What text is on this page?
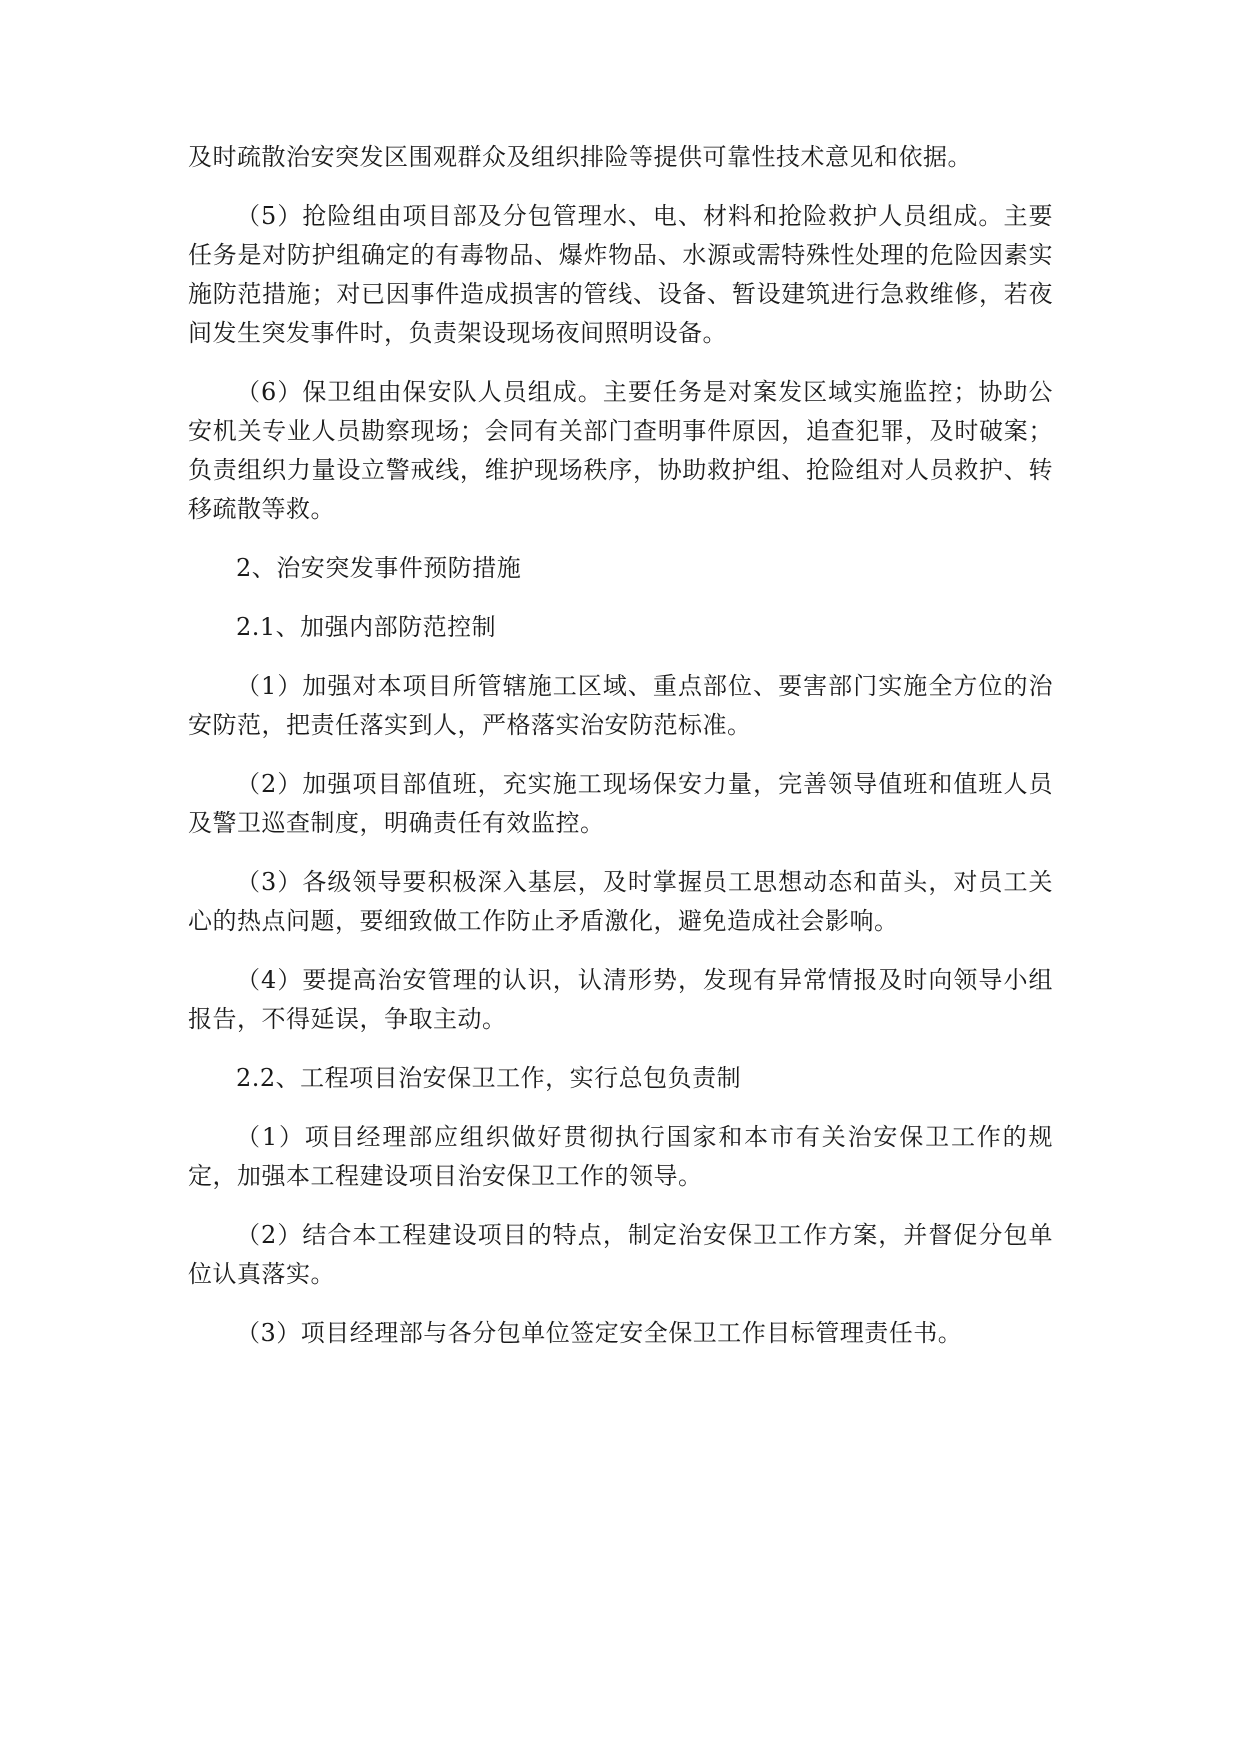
及时疏散治安突发区围观群众及组织排险等提供可靠性技术意见和依据。

（5）抢险组由项目部及分包管理水、电、材料和抢险救护人员组成。主要任务是对防护组确定的有毒物品、爆炸物品、水源或需特殊性处理的危险因素实施防范措施；对已因事件造成损害的管线、设备、暂设建筑进行急救维修，若夜间发生突发事件时，负责架设现场夜间照明设备。

（6）保卫组由保安队人员组成。主要任务是对案发区域实施监控；协助公安机关专业人员勘察现场；会同有关部门查明事件原因，追查犯罪，及时破案；负责组织力量设立警戒线，维护现场秩序，协助救护组、抢险组对人员救护、转移疏散等救。

2、治安突发事件预防措施

2.1、加强内部防范控制

（1）加强对本项目所管辖施工区域、重点部位、要害部门实施全方位的治安防范，把责任落实到人，严格落实治安防范标准。

（2）加强项目部值班，充实施工现场保安力量，完善领导值班和值班人员及警卫巡查制度，明确责任有效监控。

（3）各级领导要积极深入基层，及时掌握员工思想动态和苗头，对员工关心的热点问题，要细致做工作防止矛盾激化，避免造成社会影响。

（4）要提高治安管理的认识，认清形势，发现有异常情报及时向领导小组报告，不得延误，争取主动。

2.2、工程项目治安保卫工作，实行总包负责制

（1）项目经理部应组织做好贯彻执行国家和本市有关治安保卫工作的规定，加强本工程建设项目治安保卫工作的领导。

（2）结合本工程建设项目的特点，制定治安保卫工作方案，并督促分包单位认真落实。

（3）项目经理部与各分包单位签定安全保卫工作目标管理责任书。
